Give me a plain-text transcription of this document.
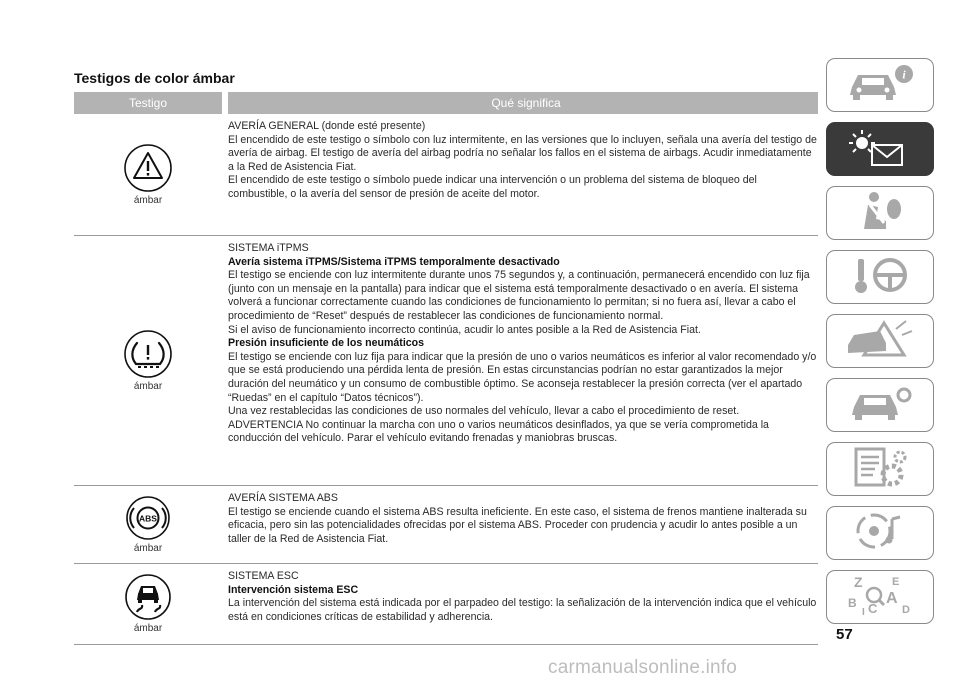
Testigos de color ámbar
Testigo	Qué significa
ámbar
AVERÍA GENERAL (donde esté presente)
El encendido de este testigo o símbolo con luz intermitente, en las versiones que lo incluyen, señala una avería del testigo de avería de airbag. El testigo de avería del airbag podría no señalar los fallos en el sistema de airbags. Acudir inmediatamente a la Red de Asistencia Fiat.
El encendido de este testigo o símbolo puede indicar una intervención o un problema del sistema de bloqueo del combustible, o la avería del sensor de presión de aceite del motor.
ámbar
SISTEMA iTPMS
Avería sistema iTPMS/Sistema iTPMS temporalmente desactivado
El testigo se enciende con luz intermitente durante unos 75 segundos y, a continuación, permanecerá encendido con luz fija (junto con un mensaje en la pantalla) para indicar que el sistema está temporalmente desactivado o en avería. El sistema volverá a funcionar correctamente cuando las condiciones de funcionamiento lo permitan; si no fuera así, llevar a cabo el procedimiento de “Reset” después de restablecer las condiciones de funcionamiento normal.
Si el aviso de funcionamiento incorrecto continúa, acudir lo antes posible a la Red de Asistencia Fiat.
Presión insuficiente de los neumáticos
El testigo se enciende con luz fija para indicar que la presión de uno o varios neumáticos es inferior al valor recomendado y/o que se está produciendo una pérdida lenta de presión. En estas circunstancias podrían no estar garantizados la mejor duración del neumático y un consumo de combustible óptimo. Se aconseja restablecer la presión correcta (ver el apartado “Ruedas” en el capítulo “Datos técnicos”).
Una vez restablecidas las condiciones de uso normales del vehículo, llevar a cabo el procedimiento de reset.
ADVERTENCIA No continuar la marcha con uno o varios neumáticos desinflados, ya que se vería comprometida la conducción del vehículo. Parar el vehículo evitando frenadas y maniobras bruscas.
ABS
ámbar
AVERÍA SISTEMA ABS
El testigo se enciende cuando el sistema ABS resulta ineficiente. En este caso, el sistema de frenos mantiene inalterada su eficacia, pero sin las potencialidades ofrecidas por el sistema ABS. Proceder con prudencia y acudir lo antes posible a un taller de la Red de Asistencia Fiat.
ámbar
SISTEMA ESC
Intervención sistema ESC
La intervención del sistema está indicada por el parpadeo del testigo: la señalización de la intervención indica que el vehículo está en condiciones críticas de estabilidad y adherencia.
i
Z	E
A
B C D
I
57
carmanualsonline.info
